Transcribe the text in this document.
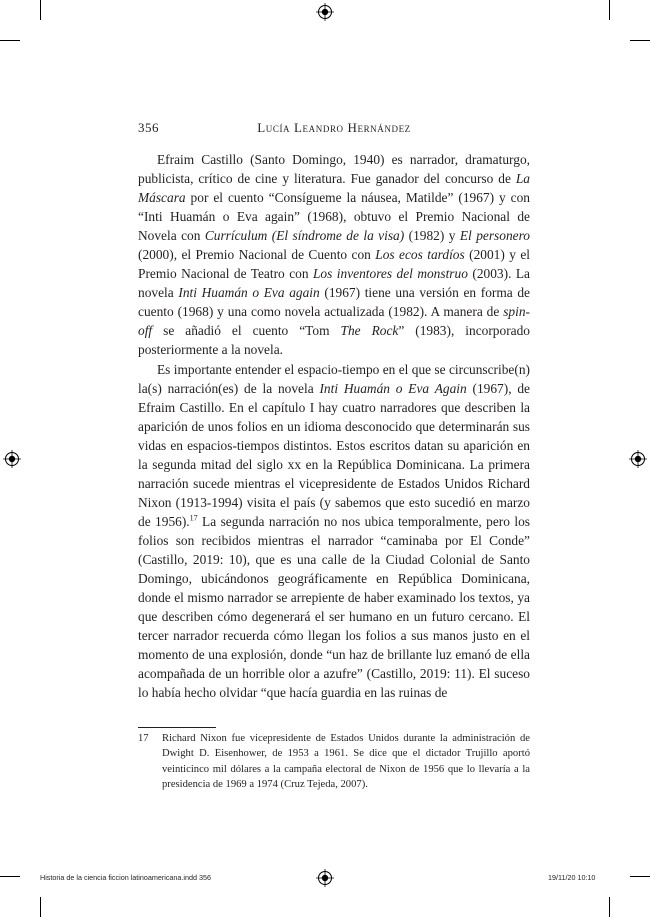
356	Lucía Leandro Hernández

Efraim Castillo (Santo Domingo, 1940) es narrador, dramaturgo, publicista, crítico de cine y literatura. Fue ganador del concurso de La Máscara por el cuento “Consígueme la náusea, Matilde” (1967) y con “Inti Huamán o Eva again” (1968), obtuvo el Premio Nacional de Novela con Currículum (El síndrome de la visa) (1982) y El personero (2000), el Premio Nacional de Cuento con Los ecos tardíos (2001) y el Premio Nacional de Teatro con Los inventores del monstruo (2003). La novela Inti Huamán o Eva again (1967) tiene una versión en forma de cuento (1968) y una como novela actualizada (1982). A manera de spin-off se añadió el cuento “Tom The Rock” (1983), incorporado posteriormente a la novela.

Es importante entender el espacio-tiempo en el que se circunscribe(n) la(s) narración(es) de la novela Inti Huamán o Eva Again (1967), de Efraim Castillo. En el capítulo I hay cuatro narradores que describen la aparición de unos folios en un idioma desconocido que determinarán sus vidas en espacios-tiempos distintos. Estos escritos datan su aparición en la segunda mitad del siglo xx en la República Dominicana. La primera narración sucede mientras el vicepresidente de Estados Unidos Richard Nixon (1913-1994) visita el país (y sabemos que esto sucedió en marzo de 1956).$^{17}$ La segunda narración no nos ubica temporalmente, pero los folios son recibidos mientras el narrador “caminaba por El Conde” (Castillo, 2019: 10), que es una calle de la Ciudad Colonial de Santo Domingo, ubicándonos geográficamente en República Dominicana, donde el mismo narrador se arrepiente de haber examinado los textos, ya que describen cómo degenerará el ser humano en un futuro cercano. El tercer narrador recuerda cómo llegan los folios a sus manos justo en el momento de una explosión, donde “un haz de brillante luz emanó de ella acompañada de un horrible olor a azufre” (Castillo, 2019: 11). El suceso lo había hecho olvidar “que hacía guardia en las ruinas de

17 Richard Nixon fue vicepresidente de Estados Unidos durante la administración de Dwight D. Eisenhower, de 1953 a 1961. Se dice que el dictador Trujillo aportó veinticinco mil dólares a la campaña electoral de Nixon de 1956 que lo llevaría a la presidencia de 1969 a 1974 (Cruz Tejeda, 2007).
Historia de la ciencia ficcion latinoamericana.indd 356	19/11/20 10:10
